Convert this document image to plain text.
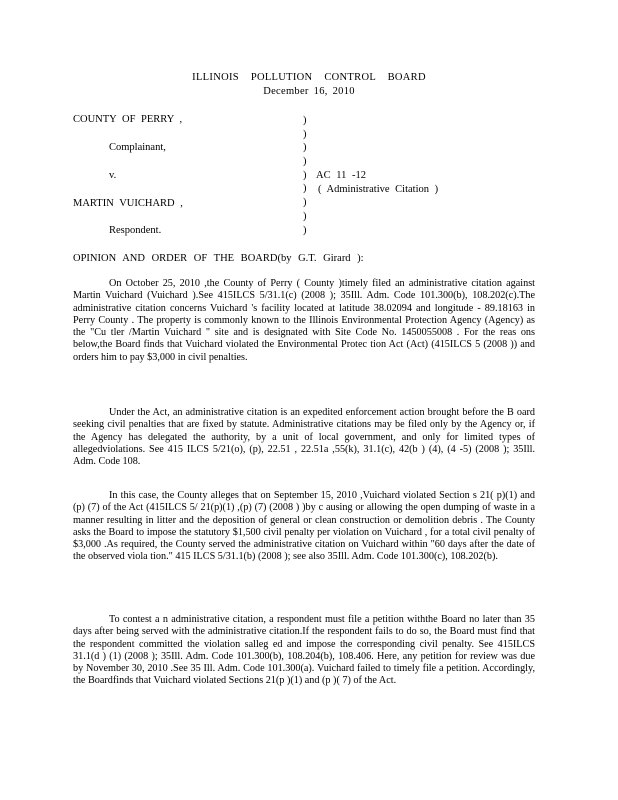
ILLINOIS POLLUTION CONTROL BOARD
December 16, 2010
COUNTY OF PERRY ,
Complainant,
v.
MARTIN VUICHARD ,
Respondent.
)
)
)
)
)
)
)
)
)
AC 11 -12
( Administrative Citation )
OPINION AND ORDER OF THE BOARD(by G.T. Girard ):

On October 25, 2010 ,the County of Perry ( County )timely filed an administrative citation against Martin Vuichard (Vuichard ).See 415ILCS 5/31.1(c) (2008 ); 35Ill. Adm. Code 101.300(b), 108.202(c).The administrative citation concerns Vuichard 's facility located at latitude 38.02094 and longitude - 89.18163 in Perry County . The property is commonly known to the Illinois Environmental Protection Agency (Agency) as the "Cu tler /Martin Vuichard " site and is designated with Site Code No. 1450055008 . For the reas ons below,the Board finds that Vuichard violated the Environmental Protec tion Act (Act) (415ILCS 5 (2008 )) and orders him to pay $3,000 in civil penalties.

Under the Act, an administrative citation is an expedited enforcement action brought before the B oard seeking civil penalties that are fixed by statute. Administrative citations may be filed only by the Agency or, if the Agency has delegated the authority, by a unit of local government, and only for limited types of allegedviolations. See 415 ILCS 5/21(o), (p), 22.51 , 22.51a ,55(k), 31.1(c), 42(b ) (4), (4 -5) (2008 ); 35Ill. Adm. Code 108.

In this case, the County alleges that on September 15, 2010 ,Vuichard violated Section s 21( p)(1) and (p) (7) of the Act (415ILCS 5/ 21(p)(1) ,(p) (7) (2008 ) )by c ausing or allowing the open dumping of waste in a manner resulting in litter and the deposition of general or clean construction or demolition debris . The County asks the Board to impose the statutory $1,500 civil penalty per violation on Vuichard , for a total civil penalty of $3,000 .As required, the County served the administrative citation on Vuichard within "60 days after the date of the observed viola tion." 415 ILCS 5/31.1(b) (2008 ); see also 35Ill. Adm. Code 101.300(c), 108.202(b).

To contest a n administrative citation, a respondent must file a petition withthe Board no later than 35 days after being served with the administrative citation.If the respondent fails to do so, the Board must find that the respondent committed the violation salleg ed and impose the corresponding civil penalty. See 415ILCS 31.1(d ) (1) (2008 ); 35Ill. Adm. Code 101.300(b), 108.204(b), 108.406. Here, any petition for review was due by November 30, 2010 .See 35 Ill. Adm. Code 101.300(a). Vuichard failed to timely file a petition. Accordingly, the Boardfinds that Vuichard violated Sections 21(p )(1) and (p )( 7) of the Act.
